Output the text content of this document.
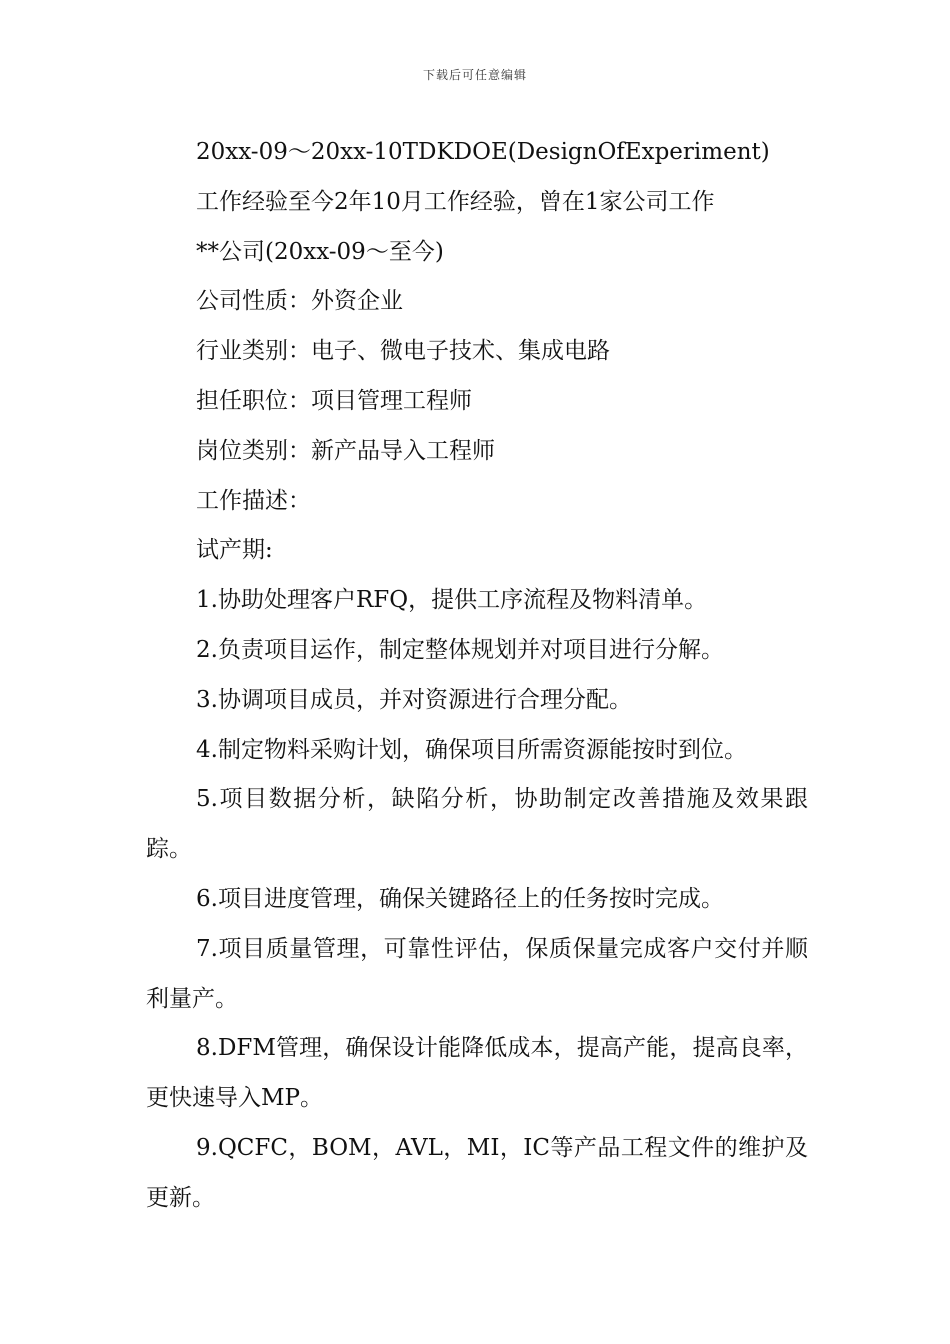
下载后可任意编辑

20xx-09～20xx-10TDKDOE(DesignOfExperiment)

工作经验至今2年10月工作经验，曾在1家公司工作

**公司(20xx-09～至今)

公司性质：外资企业

行业类别：电子、微电子技术、集成电路

担任职位：项目管理工程师

岗位类别：新产品导入工程师

工作描述：

试产期:

1.协助处理客户RFQ，提供工序流程及物料清单。

2.负责项目运作，制定整体规划并对项目进行分解。

3.协调项目成员，并对资源进行合理分配。

4.制定物料采购计划，确保项目所需资源能按时到位。

5.项目数据分析，缺陷分析，协助制定改善措施及效果跟踪。

6.项目进度管理，确保关键路径上的任务按时完成。

7.项目质量管理，可靠性评估，保质保量完成客户交付并顺利量产。

8.DFM管理，确保设计能降低成本，提高产能，提高良率，更快速导入MP。

9.QCFC，BOM，AVL，MI，IC等产品工程文件的维护及更新。
